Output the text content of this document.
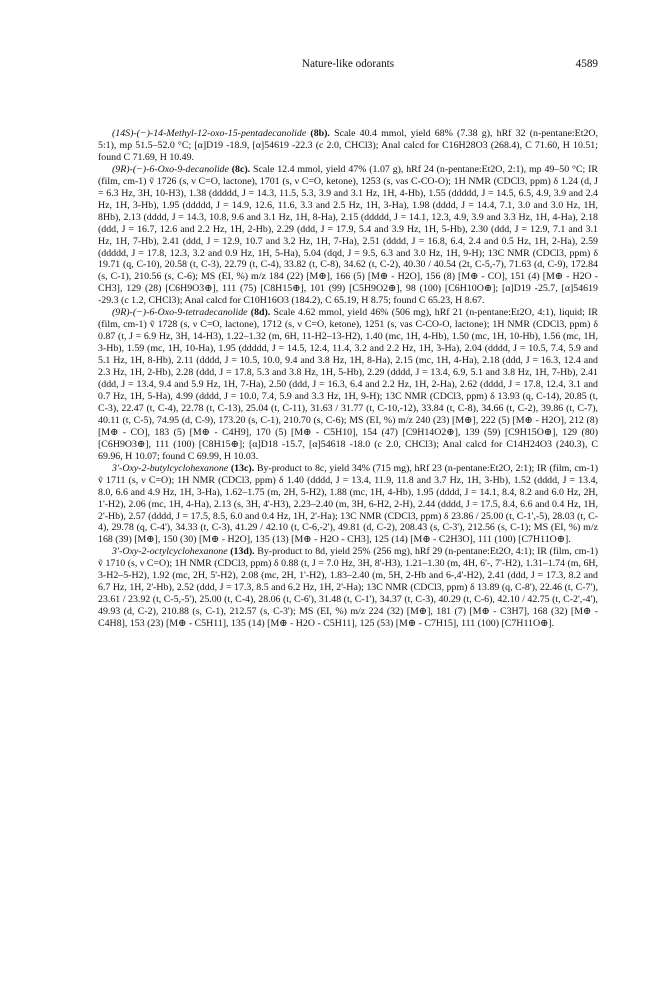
Nature-like odorants	4589

(14S)-(−)-14-Methyl-12-oxo-15-pentadecanolide (8b). Scale 40.4 mmol, yield 68% (7.38 g), hRf 32 (n-pentane:Et2O, 5:1), mp 51.5–52.0 °C; [α]D19 -18.9, [α]54619 -22.3 (c 2.0, CHCl3); Anal calcd for C16H28O3 (268.4), C 71.60, H 10.51; found C 71.69, H 10.49.

(9R)-(−)-6-Oxo-9-decanolide (8c). Scale 12.4 mmol, yield 47% (1.07 g), hRf 24 (n-pentane:Et2O, 2:1), mp 49–50 °C; IR (film, cm-1) ṽ 1726 (s, ν C=O, lactone), 1701 (s, ν C=O, ketone), 1253 (s, νas C-CO-O); 1H NMR (CDCl3, ppm) δ 1.24 (d, J = 6.3 Hz, 3H, 10-H3), 1.38 (ddddd, J = 14.3, 11.5, 5.3, 3.9 and 3.1 Hz, 1H, 4-Hb), 1.55 (ddddd, J = 14.5, 6.5, 4.9, 3.9 and 2.4 Hz, 1H, 3-Hb), 1.95 (ddddd, J = 14.9, 12.6, 11.6, 3.3 and 2.5 Hz, 1H, 3-Ha), 1.98 (dddd, J = 14.4, 7.1, 3.0 and 3.0 Hz, 1H, 8Hb), 2.13 (dddd, J = 14.3, 10.8, 9.6 and 3.1 Hz, 1H, 8-Ha), 2.15 (ddddd, J = 14.1, 12.3, 4.9, 3.9 and 3.3 Hz, 1H, 4-Ha), 2.18 (ddd, J = 16.7, 12.6 and 2.2 Hz, 1H, 2-Hb), 2.29 (ddd, J = 17.9, 5.4 and 3.9 Hz, 1H, 5-Hb), 2.30 (ddd, J = 12.9, 7.1 and 3.1 Hz, 1H, 7-Hb), 2.41 (ddd, J = 12.9, 10.7 and 3.2 Hz, 1H, 7-Ha), 2.51 (dddd, J = 16.8, 6.4, 2.4 and 0.5 Hz, 1H, 2-Ha), 2.59 (ddddd, J = 17.8, 12.3, 3.2 and 0.9 Hz, 1H, 5-Ha), 5.04 (dqd, J = 9.5, 6.3 and 3.0 Hz, 1H, 9-H); 13C NMR (CDCl3, ppm) δ 19.71 (q, C-10), 20.58 (t, C-3), 22.79 (t, C-4), 33.82 (t, C-8), 34.62 (t, C-2), 40.30 / 40.54 (2t, C-5,-7), 71.63 (d, C-9), 172.84 (s, C-1), 210.56 (s, C-6); MS (EI, %) m/z 184 (22) [M⊕], 166 (5) [M⊕ - H2O], 156 (8) [M⊕ - CO], 151 (4) [M⊕ - H2O - CH3], 129 (28) [C6H9O3⊕], 111 (75) [C8H15⊕], 101 (99) [C5H9O2⊕], 98 (100) [C6H10O⊕]; [α]D19 -25.7, [α]54619 -29.3 (c 1.2, CHCl3); Anal calcd for C10H16O3 (184.2), C 65.19, H 8.75; found C 65.23, H 8.67.

(9R)-(−)-6-Oxo-9-tetradecanolide (8d). Scale 4.62 mmol, yield 46% (506 mg), hRf 21 (n-pentane:Et2O, 4:1), liquid; IR (film, cm-1) ṽ 1728 (s, ν C=O, lactone), 1712 (s, ν C=O, ketone), 1251 (s, νas C-CO-O, lactone); 1H NMR (CDCl3, ppm) δ 0.87 (t, J = 6.9 Hz, 3H, 14-H3), 1.22–1.32 (m, 6H, 11-H2–13-H2), 1.40 (mc, 1H, 4-Hb), 1.50 (mc, 1H, 10-Hb), 1.56 (mc, 1H, 3-Hb), 1.59 (mc, 1H, 10-Ha), 1.95 (ddddd, J = 14.5, 12.4, 11.4, 3.2 and 2.2 Hz, 1H, 3-Ha), 2.04 (dddd, J = 10.5, 7.4, 5.9 and 5.1 Hz, 1H, 8-Hb), 2.11 (dddd, J = 10.5, 10.0, 9.4 and 3.8 Hz, 1H, 8-Ha), 2.15 (mc, 1H, 4-Ha), 2.18 (ddd, J = 16.3, 12.4 and 2.3 Hz, 1H, 2-Hb), 2.28 (ddd, J = 17.8, 5.3 and 3.8 Hz, 1H, 5-Hb), 2.29 (dddd, J = 13.4, 6.9, 5.1 and 3.8 Hz, 1H, 7-Hb), 2.41 (ddd, J = 13.4, 9.4 and 5.9 Hz, 1H, 7-Ha), 2.50 (ddd, J = 16.3, 6.4 and 2.2 Hz, 1H, 2-Ha), 2.62 (dddd, J = 17.8, 12.4, 3.1 and 0.7 Hz, 1H, 5-Ha), 4.99 (dddd, J = 10.0, 7.4, 5.9 and 3.3 Hz, 1H, 9-H); 13C NMR (CDCl3, ppm) δ 13.93 (q, C-14), 20.85 (t, C-3), 22.47 (t, C-4), 22.78 (t, C-13), 25.04 (t, C-11), 31.63 / 31.77 (t, C-10,-12), 33.84 (t, C-8), 34.66 (t, C-2), 39.86 (t, C-7), 40.11 (t, C-5), 74.95 (d, C-9), 173.20 (s, C-1), 210.70 (s, C-6); MS (EI, %) m/z 240 (23) [M⊕], 222 (5) [M⊕ - H2O], 212 (8) [M⊕ - CO], 183 (5) [M⊕ - C4H9], 170 (5) [M⊕ - C5H10], 154 (47) [C9H14O2⊕], 139 (59) [C9H15O⊕], 129 (80) [C6H9O3⊕], 111 (100) [C8H15⊕]; [α]D18 -15.7, [α]54618 -18.0 (c 2.0, CHCl3); Anal calcd for C14H24O3 (240.3), C 69.96, H 10.07; found C 69.99, H 10.03.

3'-Oxy-2-butylcyclohexanone (13c). By-product to 8c, yield 34% (715 mg), hRf 23 (n-pentane:Et2O, 2:1); IR (film, cm-1) ṽ 1711 (s, ν C=O); 1H NMR (CDCl3, ppm) δ 1.40 (dddd, J = 13.4, 11.9, 11.8 and 3.7 Hz, 1H, 3-Hb), 1.52 (dddd, J = 13.4, 8.0, 6.6 and 4.9 Hz, 1H, 3-Ha), 1.62–1.75 (m, 2H, 5-H2), 1.88 (mc, 1H, 4-Hb), 1.95 (dddd, J = 14.1, 8.4, 8.2 and 6.0 Hz, 2H, 1'-H2), 2.06 (mc, 1H, 4-Ha), 2.13 (s, 3H, 4'-H3), 2.23–2.40 (m, 3H, 6-H2, 2-H), 2.44 (dddd, J = 17.5, 8.4, 6.6 and 0.4 Hz, 1H, 2'-Hb), 2.57 (dddd, J = 17.5, 8.5, 6.0 and 0.4 Hz, 1H, 2'-Ha); 13C NMR (CDCl3, ppm) δ 23.86 / 25.00 (t, C-1',-5), 28.03 (t, C-4), 29.78 (q, C-4'), 34.33 (t, C-3), 41.29 / 42.10 (t, C-6,-2'), 49.81 (d, C-2), 208.43 (s, C-3'), 212.56 (s, C-1); MS (EI, %) m/z 168 (39) [M⊕], 150 (30) [M⊕ - H2O], 135 (13) [M⊕ - H2O - CH3], 125 (14) [M⊕ - C2H3O], 111 (100) [C7H11O⊕].

3'-Oxy-2-octylcyclohexanone (13d). By-product to 8d, yield 25% (256 mg), hRf 29 (n-pentane:Et2O, 4:1); IR (film, cm-1) ṽ 1710 (s, ν C=O); 1H NMR (CDCl3, ppm) δ 0.88 (t, J = 7.0 Hz, 3H, 8'-H3), 1.21–1.30 (m, 4H, 6'-, 7'-H2), 1.31–1.74 (m, 6H, 3-H2–5-H2), 1.92 (mc, 2H, 5'-H2), 2.08 (mc, 2H, 1'-H2), 1.83–2.40 (m, 5H, 2-Hb and 6-,4'-H2), 2.41 (ddd, J = 17.3, 8.2 and 6.7 Hz, 1H, 2'-Hb), 2.52 (ddd, J = 17.3, 8.5 and 6.2 Hz, 1H, 2'-Ha); 13C NMR (CDCl3, ppm) δ 13.89 (q, C-8'), 22.46 (t, C-7'), 23.61 / 23.92 (t, C-5,-5'), 25.00 (t, C-4), 28.06 (t, C-6'), 31.48 (t, C-1'), 34.37 (t, C-3), 40.29 (t, C-6), 42.10 / 42.75 (t, C-2',-4'), 49.93 (d, C-2), 210.88 (s, C-1), 212.57 (s, C-3'); MS (EI, %) m/z 224 (32) [M⊕], 181 (7) [M⊕ - C3H7], 168 (32) [M⊕ - C4H8], 153 (23) [M⊕ - C5H11], 135 (14) [M⊕ - H2O - C5H11], 125 (53) [M⊕ - C7H15], 111 (100) [C7H11O⊕].
